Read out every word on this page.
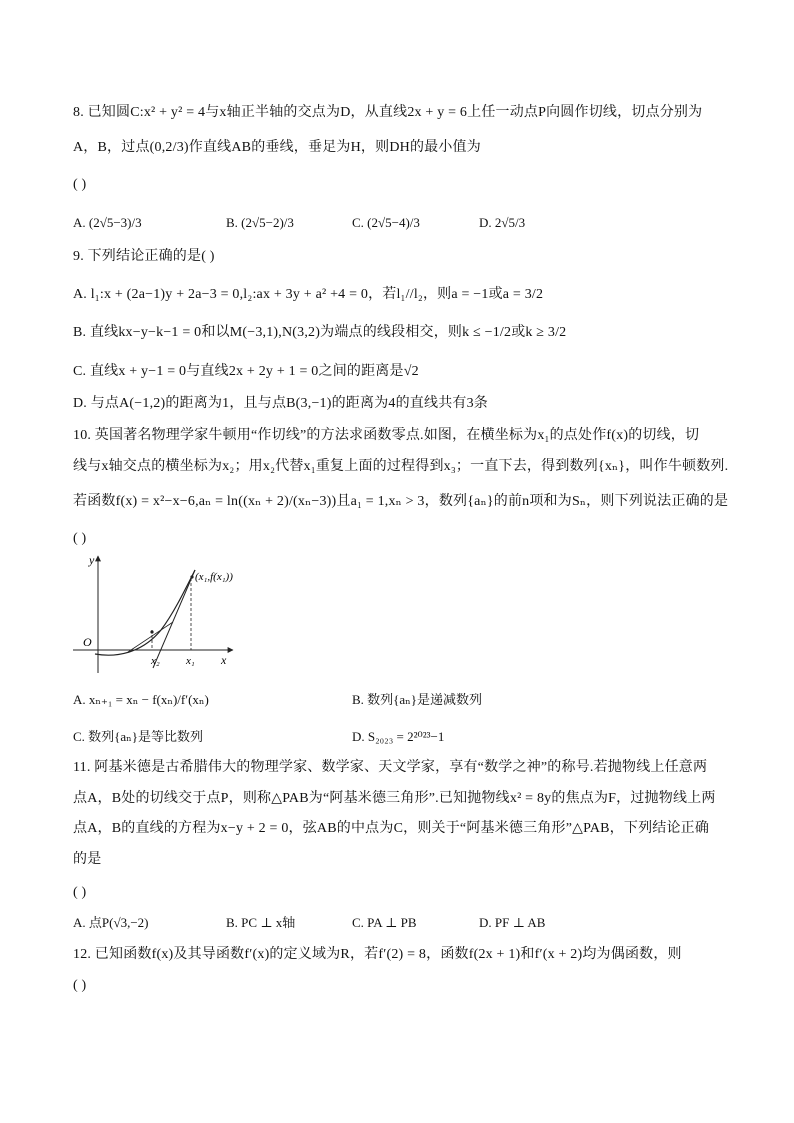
8. 已知圆C:x² + y² = 4与x轴正半轴的交点为D，从直线2x + y = 6上任一动点P向圆作切线，切点分别为
A，B，过点(0,2/3)作直线AB的垂线，垂足为H，则DH的最小值为
( )
A. (2√5−3)/3	B. (2√5−2)/3	C. (2√5−4)/3	D. 2√5/3
9. 下列结论正确的是( )
A. l₁:x + (2a−1)y + 2a−3 = 0,l₂:ax + 3y + a² +4 = 0，若l₁//l₂，则a = −1或a = 3/2
B. 直线kx−y−k−1 = 0和以M(−3,1),N(3,2)为端点的线段相交，则k ≤ −1/2或k ≥ 3/2
C. 直线x + y−1 = 0与直线2x + 2y + 1 = 0之间的距离是√2
D. 与点A(−1,2)的距离为1，且与点B(3,−1)的距离为4的直线共有3条
10. 英国著名物理学家牛顿用“作切线”的方法求函数零点.如图，在横坐标为x₁的点处作f(x)的切线，切
线与x轴交点的横坐标为x₂；用x₂代替x₁重复上面的过程得到x₃；一直下去，得到数列{xₙ}，叫作牛顿数列.
若函数f(x) = x²−x−6,aₙ = ln((xₙ + 2)/(xₙ−3))且a₁ = 1,xₙ > 3，数列{aₙ}的前n项和为Sₙ，则下列说法正确的是
( )
y
x
O
(x₁,f(x₁))
x₁
x₂
A. xₙ₊₁ = xₙ − f(xₙ)/f′(xₙ)	B. 数列{aₙ}是递减数列
C. 数列{aₙ}是等比数列	D. S₂₀₂₃ = 2²⁰²³−1
11. 阿基米德是古希腊伟大的物理学家、数学家、天文学家，享有“数学之神”的称号.若抛物线上任意两
点A，B处的切线交于点P，则称△PAB为“阿基米德三角形”.已知抛物线x² = 8y的焦点为F，过抛物线上两
点A，B的直线的方程为x−y + 2 = 0，弦AB的中点为C，则关于“阿基米德三角形”△PAB，下列结论正确
的是
( )
A. 点P(√3,−2)	B. PC ⊥ x轴	C. PA ⊥ PB	D. PF ⊥ AB
12. 已知函数f(x)及其导函数f′(x)的定义域为R，若f′(2) = 8，函数f(2x + 1)和f′(x + 2)均为偶函数，则
( )
